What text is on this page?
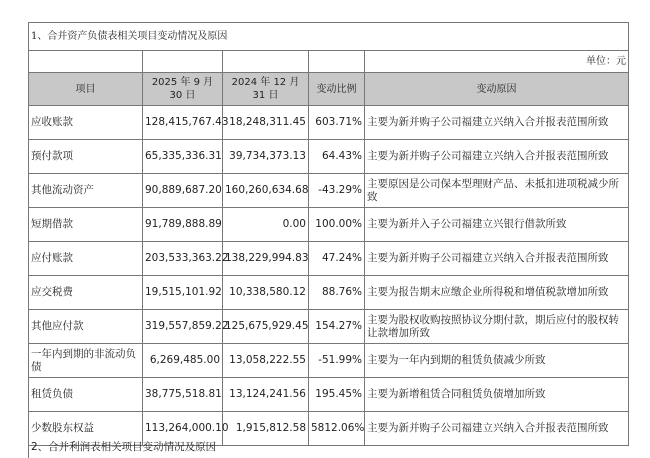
1、合并资产负债表相关项目变动情况及原因				
				单位：元
项目	2025 年 9 月 30 日	2024 年 12 月 31 日	变动比例	变动原因
应收账款	128,415,767.43	18,248,311.45	603.71%	主要为新并购子公司福建立兴纳入合并报表范围所致
预付款项	65,335,336.31	39,734,373.13	64.43%	主要为新并购子公司福建立兴纳入合并报表范围所致
其他流动资产	90,889,687.20	160,260,634.68	-43.29%	主要原因是公司保本型理财产品、未抵扣进项税减少所致
短期借款	91,789,888.89	0.00	100.00%	主要为新并入子公司福建立兴银行借款所致
应付账款	203,533,363.22	138,229,994.83	47.24%	主要为新并购子公司福建立兴纳入合并报表范围所致
应交税费	19,515,101.92	10,338,580.12	88.76%	主要为报告期末应缴企业所得税和增值税款增加所致
其他应付款	319,557,859.22	125,675,929.45	154.27%	主要为股权收购按照协议分期付款，期后应付的股权转让款增加所致
一年内到期的非流动负债	6,269,485.00	13,058,222.55	-51.99%	主要为一年内到期的租赁负债减少所致
租赁负债	38,775,518.81	13,124,241.56	195.45%	主要为新增租赁合同租赁负债增加所致
少数股东权益	113,264,000.10	1,915,812.58	5812.06%	主要为新并购子公司福建立兴纳入合并报表范围所致
2、合并利润表相关项目变动情况及原因
